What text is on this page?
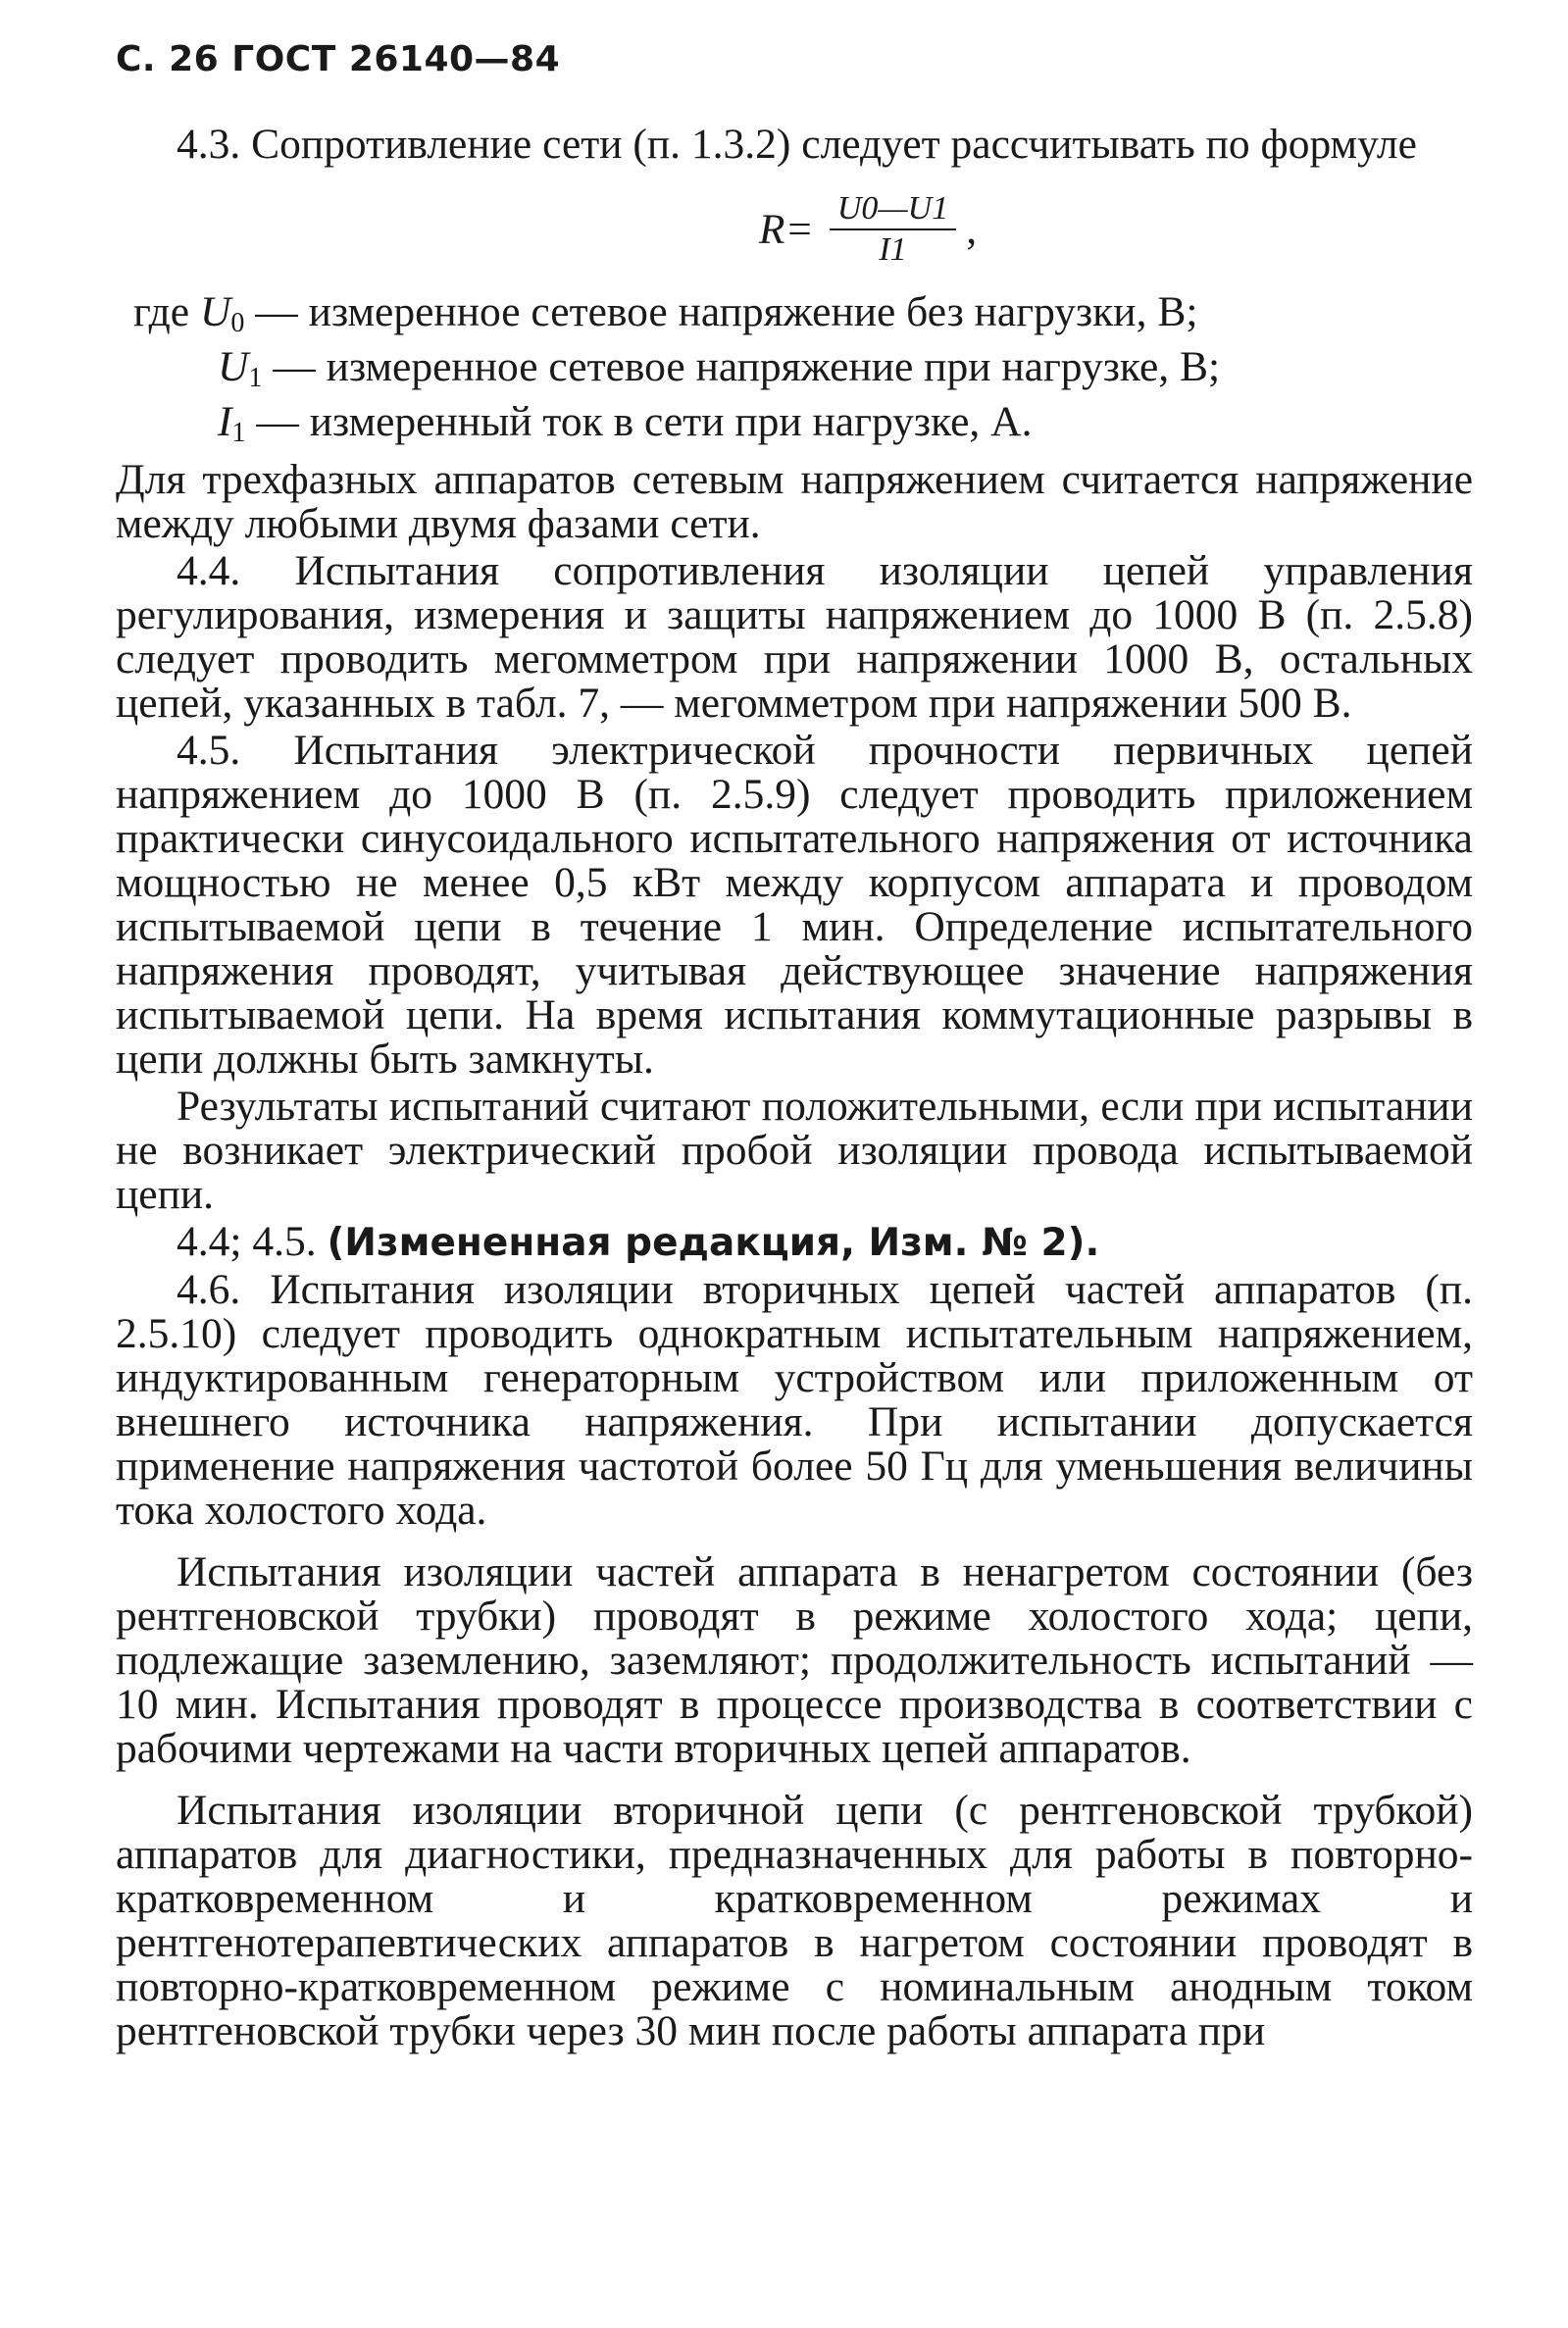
С. 26 ГОСТ 26140—84

4.3. Сопротивление сети (п. 1.3.2) следует рассчитывать по формуле

$R= \frac{U0—U1}{I1}$ ,
где $U_0$ — измеренное сетевое напряжение без нагрузки, В;
$U_1$ — измеренное сетевое напряжение при нагрузке, В;
$I_1$ — измеренный ток в сети при нагрузке, А.

Для трехфазных аппаратов сетевым напряжением считается напряжение между любыми двумя фазами сети.

4.4. Испытания сопротивления изоляции цепей управления регулирования, измерения и защиты напряжением до 1000 В (п. 2.5.8) следует проводить мегомметром при напряжении 1000 В, остальных цепей, указанных в табл. 7, — мегомметром при напряжении 500 В.

4.5. Испытания электрической прочности первичных цепей напряжением до 1000 В (п. 2.5.9) следует проводить приложением практически синусоидального испытательного напряжения от источника мощностью не менее 0,5 кВт между корпусом аппарата и проводом испытываемой цепи в течение 1 мин. Определение испытательного напряжения проводят, учитывая действующее значение напряжения испытываемой цепи. На время испытания коммутационные разрывы в цепи должны быть замкнуты.

Результаты испытаний считают положительными, если при испытании не возникает электрический пробой изоляции провода испытываемой цепи.

4.4; 4.5. (Измененная редакция, Изм. № 2).

4.6. Испытания изоляции вторичных цепей частей аппаратов (п. 2.5.10) следует проводить однократным испытательным напряжением, индуктированным генераторным устройством или приложенным от внешнего источника напряжения. При испытании допускается применение напряжения частотой более 50 Гц для уменьшения величины тока холостого хода.

Испытания изоляции частей аппарата в ненагретом состоянии (без рентгеновской трубки) проводят в режиме холостого хода; цепи, подлежащие заземлению, заземляют; продолжительность испытаний — 10 мин. Испытания проводят в процессе производства в соответствии с рабочими чертежами на части вторичных цепей аппаратов.

Испытания изоляции вторичной цепи (с рентгеновской трубкой) аппаратов для диагностики, предназначенных для работы в повторно-кратковременном и кратковременном режимах и рентгенотерапевтических аппаратов в нагретом состоянии проводят в повторно-кратковременном режиме с номинальным анодным током рентгеновской трубки через 30 мин после работы аппарата при
